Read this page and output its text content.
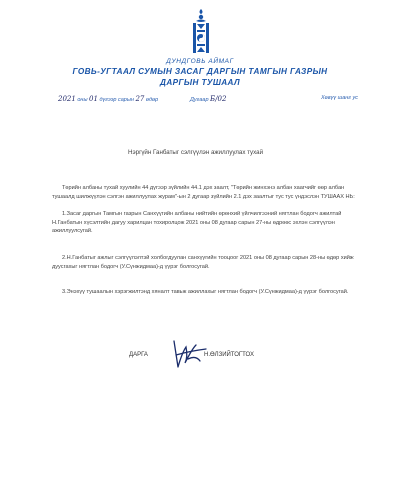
ДУНДГОВЬ АЙМАГ
ГОВЬ-УГТААЛ СУМЫН ЗАСАГ ДАРГЫН ТАМГЫН ГАЗРЫН
ДАРГЫН ТУШААЛ
2021 оны 01 дүгээр сарын 27 өдөр	Дугаар Б/02	Хөвүү шанг ус
Нэргүйн Ганбатыг сэлгүүлэн ажиллуулах тухай

Төрийн албаны тухай хуулийн 44 дүгээр зүйлийн 44.1 дэх заалт, "Төрийн жинхэнэ албан хаагчийг өөр албан тушаалд шилжүүлэн сэлгэн ажиллуулах журам"-ын 2 дугаар зүйлийн 2.1 дэх заалтыг тус тус үндэслэн ТУШААХ НЬ:

1.Засаг даргын Тамгын газрын Санхүүгийн албаны нийтийн өрөнхий үйлчилгээний нягтлан бодогч ажилтай Н.Ганбатын хүсэлтийн дагуу харилцан тохиролцож 2021 оны 08 дугаар сарын 27-ны өдрөөс эхлэн сэлгүүлэн ажиллуулсугай.

2.Н.Ганбатыг ажлыг сэлгүүлэлтэй холбогдуулан санхүүгийн тооцоог 2021 оны 08 дугаар сарын 28-ны өдөр хийж дуусгахыг нягтлан бодогч (У.Сүнжидмаа)-д үүрэг болгосугай.

3.Энэхүү тушаалын хэрэгжилтэнд хяналт тавьж ажиллахыг нягтлан бодогч (У.Сүнжидмаа)-д үүрэг болгосугай.

ДАРГА	Н.ӨЛЗИЙТОГТОХ
